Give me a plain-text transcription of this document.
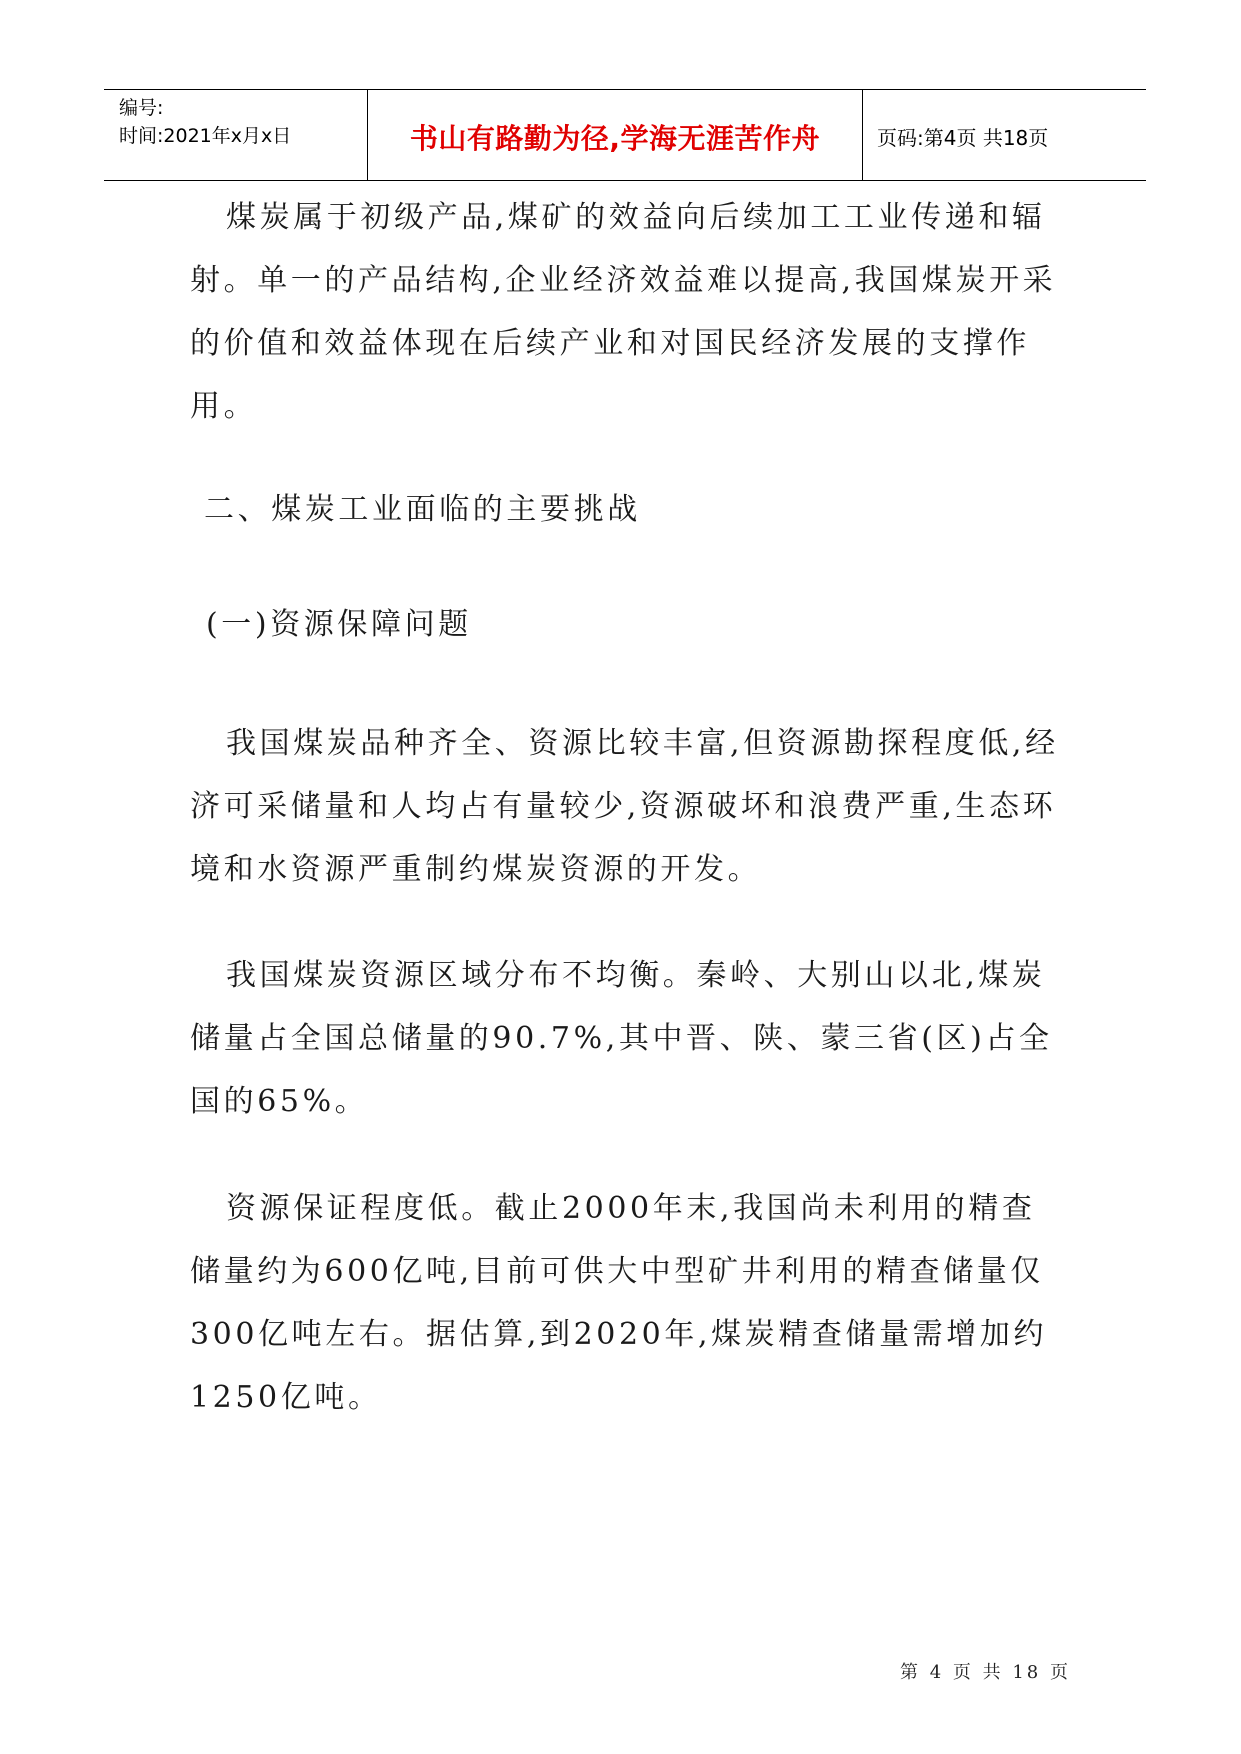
编号:
时间:2021年x月x日	书山有路勤为径,学海无涯苦作舟	页码:第4页 共18页

煤炭属于初级产品,煤矿的效益向后续加工工业传递和辐射。单一的产品结构,企业经济效益难以提高,我国煤炭开采的价值和效益体现在后续产业和对国民经济发展的支撑作用。

二、煤炭工业面临的主要挑战
(一)资源保障问题

我国煤炭品种齐全、资源比较丰富,但资源勘探程度低,经济可采储量和人均占有量较少,资源破坏和浪费严重,生态环境和水资源严重制约煤炭资源的开发。

我国煤炭资源区域分布不均衡。秦岭、大别山以北,煤炭储量占全国总储量的90.7%,其中晋、陕、蒙三省(区)占全国的65%。

资源保证程度低。截止2000年末,我国尚未利用的精查储量约为600亿吨,目前可供大中型矿井利用的精查储量仅300亿吨左右。据估算,到2020年,煤炭精查储量需增加约1250亿吨。

第 4 页 共 18 页
